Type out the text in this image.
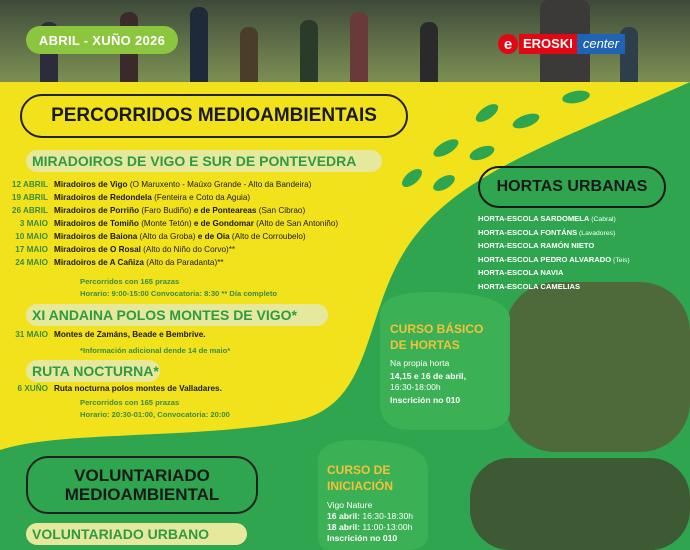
ABRIL - XUÑO 2026	e EROSKI center
PERCORRIDOS MEDIOAMBIENTAIS
MIRADOIROS DE VIGO E SUR DE PONTEVEDRA
12 ABRIL Miradoiros de Vigo (O Maruxento - Maúxo Grande - Alto da Bandeira)
19 ABRIL Miradoiros de Redondela (Fenteira e Coto da Aguia)
26 ABRIL Miradoiros de Porriño (Faro Budiño) e de Ponteareas (San Cibrao)
3 MAIO Miradoiros de Tomiño (Monte Tetón) e de Gondomar (Alto de San Antoniño)
10 MAIO Miradoiros de Baiona (Alto da Groba) e de Oia (Alto de Corroubelo)
17 MAIO Miradoiros de O Rosal (Alto do Niño do Corvo)**
24 MAIO Miradoiros de A Cañiza (Alto da Paradanta)**
Percorridos con 165 prazas
Horario: 9:00-15:00 Convocatoria: 8:30 ** Día completo
XI ANDAINA POLOS MONTES DE VIGO*
31 MAIO Montes de Zamáns, Beade e Bembrive.
*Información adicional dende 14 de maio*
RUTA NOCTURNA*
6 XUÑO Ruta nocturna polos montes de Valladares.
Percorridos con 165 prazas
Horario: 20:30-01:00, Convocatoria: 20:00
HORTAS URBANAS
HORTA-ESCOLA SARDOMELA (Cabral)
HORTA-ESCOLA FONTÁNS (Lavadores)
HORTA-ESCOLA RAMÓN NIETO
HORTA-ESCOLA PEDRO ALVARADO (Teis)
HORTA-ESCOLA NAVIA
HORTA-ESCOLA CAMELIAS
CURSO BÁSICO
DE HORTAS
Na propia horta
14,15 e 16 de abril,
16:30-18:00h
Inscrición no 010
CURSO DE
INICIACIÓN
Vigo Nature
16 abril: 16:30-18:30h
18 abril: 11:00-13:00h
Inscrición no 010
VOLUNTARIADO
MEDIOAMBIENTAL
VOLUNTARIADO URBANO
